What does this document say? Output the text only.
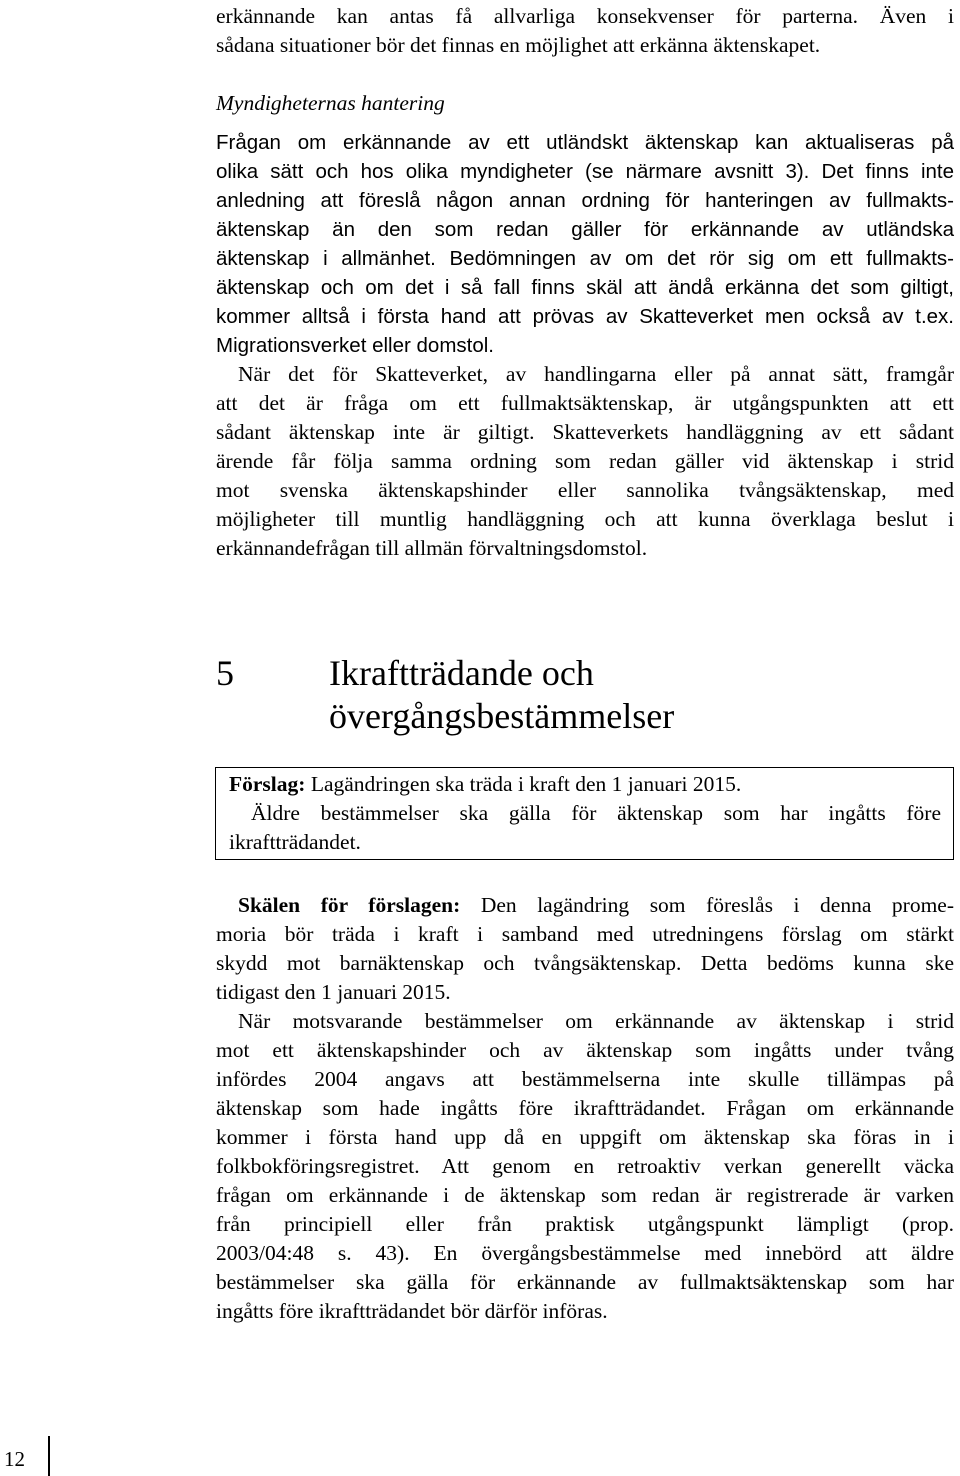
erkännande kan antas få allvarliga konsekvenser för parterna. Även i
sådana situationer bör det finnas en möjlighet att erkänna äktenskapet.
Myndigheternas hantering
Frågan om erkännande av ett utländskt äktenskap kan aktualiseras på
olika sätt och hos olika myndigheter (se närmare avsnitt 3). Det finns inte
anledning att föreslå någon annan ordning för hanteringen av fullmakts-
äktenskap än den som redan gäller för erkännande av utländska
äktenskap i allmänhet. Bedömningen av om det rör sig om ett fullmakts-
äktenskap och om det i så fall finns skäl att ändå erkänna det som giltigt,
kommer alltså i första hand att prövas av Skatteverket men också av t.ex.
Migrationsverket eller domstol.
När det för Skatteverket, av handlingarna eller på annat sätt, framgår
att det är fråga om ett fullmaktsäktenskap, är utgångspunkten att ett
sådant äktenskap inte är giltigt. Skatteverkets handläggning av ett sådant
ärende får följa samma ordning som redan gäller vid äktenskap i strid
mot svenska äktenskapshinder eller sannolika tvångsäktenskap, med
möjligheter till muntlig handläggning och att kunna överklaga beslut i
erkännandefrågan till allmän förvaltningsdomstol.
5	Ikraftträdande och
övergångsbestämmelser
Förslag: Lagändringen ska träda i kraft den 1 januari 2015.
Äldre bestämmelser ska gälla för äktenskap som har ingåtts före
ikraftträdandet.
Skälen för förslagen: Den lagändring som föreslås i denna prome-
moria bör träda i kraft i samband med utredningens förslag om stärkt
skydd mot barnäktenskap och tvångsäktenskap. Detta bedöms kunna ske
tidigast den 1 januari 2015.
När motsvarande bestämmelser om erkännande av äktenskap i strid
mot ett äktenskapshinder och av äktenskap som ingåtts under tvång
infördes 2004 angavs att bestämmelserna inte skulle tillämpas på
äktenskap som hade ingåtts före ikraftträdandet. Frågan om erkännande
kommer i första hand upp då en uppgift om äktenskap ska föras in i
folkbokföringsregistret. Att genom en retroaktiv verkan generellt väcka
frågan om erkännande i de äktenskap som redan är registrerade är varken
från principiell eller från praktisk utgångspunkt lämpligt (prop.
2003/04:48 s. 43). En övergångsbestämmelse med innebörd att äldre
bestämmelser ska gälla för erkännande av fullmaktsäktenskap som har
ingåtts före ikraftträdandet bör därför införas.
12
